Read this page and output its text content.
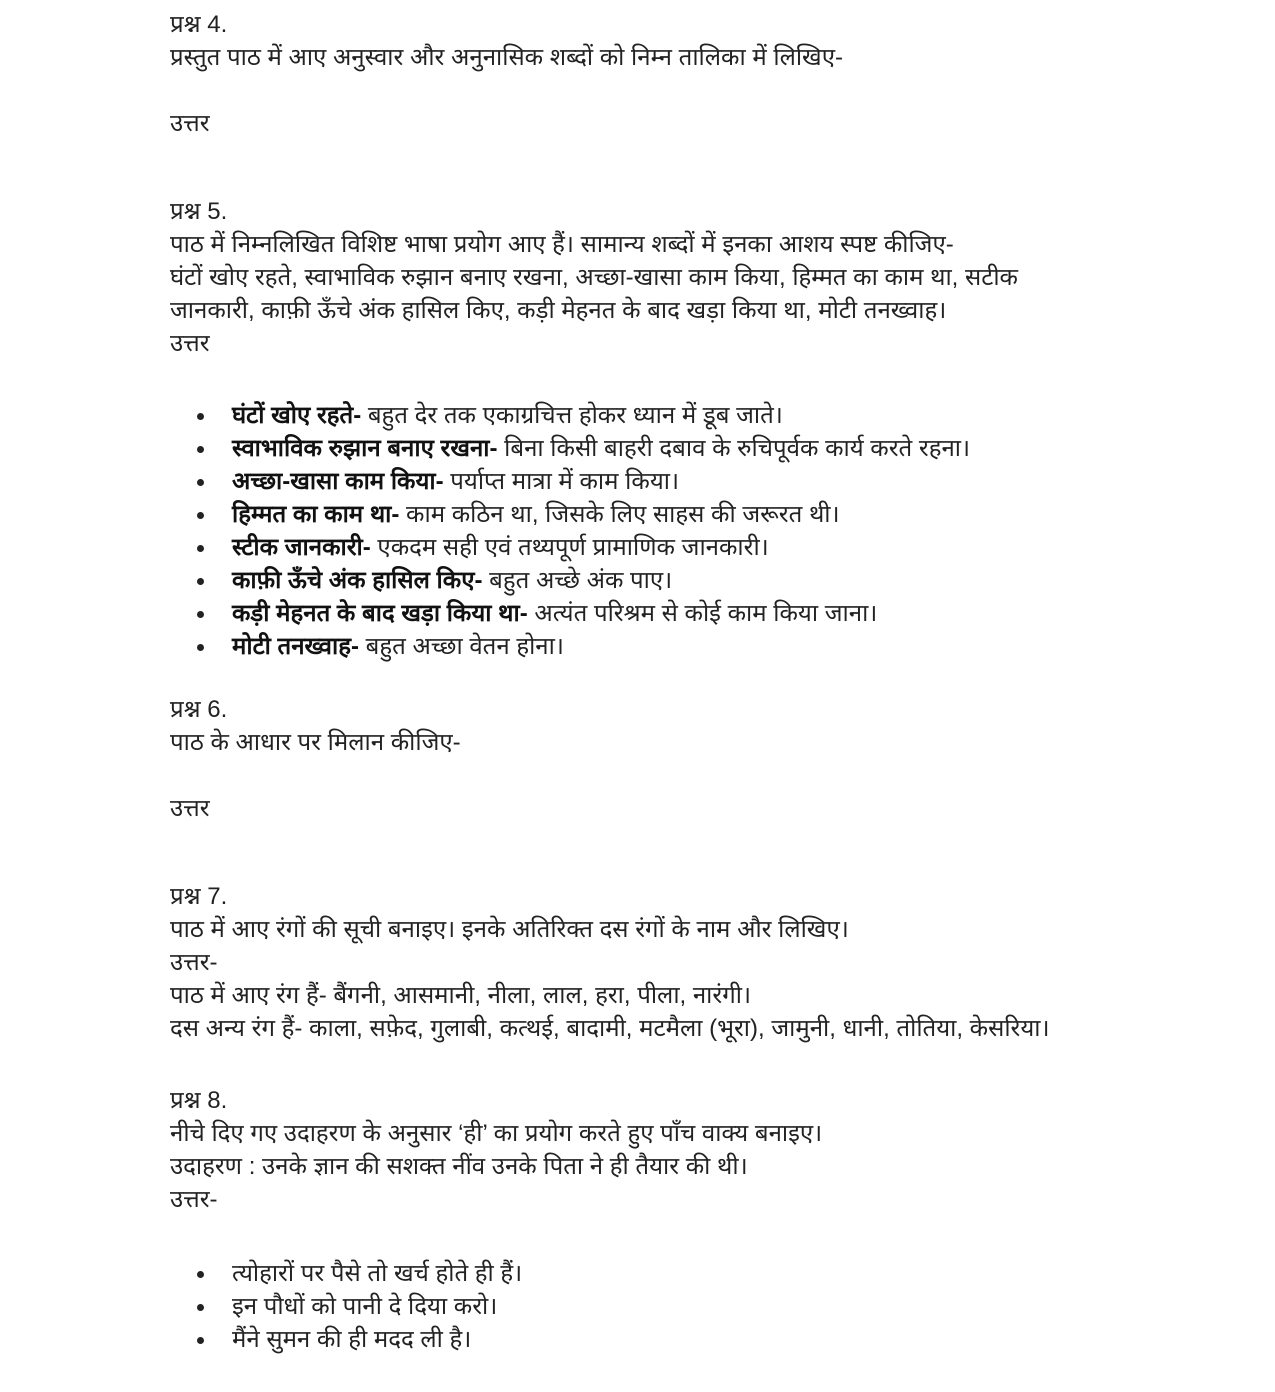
प्रश्न 4.
प्रस्तुत पाठ में आए अनुस्वार और अनुनासिक शब्दों को निम्न तालिका में लिखिए-
उत्तर
प्रश्न 5.
पाठ में निम्नलिखित विशिष्ट भाषा प्रयोग आए हैं। सामान्य शब्दों में इनका आशय स्पष्ट कीजिए-
घंटों खोए रहते, स्वाभाविक रुझान बनाए रखना, अच्छा-खासा काम किया, हिम्मत का काम था, सटीक
जानकारी, काफ़ी ऊँचे अंक हासिल किए, कड़ी मेहनत के बाद खड़ा किया था, मोटी तनख्वाह।
उत्तर
घंटों खोए रहते- बहुत देर तक एकाग्रचित्त होकर ध्यान में डूब जाते।
स्वाभाविक रुझान बनाए रखना- बिना किसी बाहरी दबाव के रुचिपूर्वक कार्य करते रहना।
अच्छा-खासा काम किया- पर्याप्त मात्रा में काम किया।
हिम्मत का काम था- काम कठिन था, जिसके लिए साहस की जरूरत थी।
स्टीक जानकारी- एकदम सही एवं तथ्यपूर्ण प्रामाणिक जानकारी।
काफ़ी ऊँचे अंक हासिल किए- बहुत अच्छे अंक पाए।
कड़ी मेहनत के बाद खड़ा किया था- अत्यंत परिश्रम से कोई काम किया जाना।
मोटी तनख्वाह- बहुत अच्छा वेतन होना।
प्रश्न 6.
पाठ के आधार पर मिलान कीजिए-
उत्तर
प्रश्न 7.
पाठ में आए रंगों की सूची बनाइए। इनके अतिरिक्त दस रंगों के नाम और लिखिए।
उत्तर-
पाठ में आए रंग हैं- बैंगनी, आसमानी, नीला, लाल, हरा, पीला, नारंगी।
दस अन्य रंग हैं- काला, सफ़ेद, गुलाबी, कत्थई, बादामी, मटमैला (भूरा), जामुनी, धानी, तोतिया, केसरिया।
प्रश्न 8.
नीचे दिए गए उदाहरण के अनुसार ‘ही’ का प्रयोग करते हुए पाँच वाक्य बनाइए।
उदाहरण : उनके ज्ञान की सशक्त नींव उनके पिता ने ही तैयार की थी।
उत्तर-
त्योहारों पर पैसे तो खर्च होते ही हैं।
इन पौधों को पानी दे दिया करो।
मैंने सुमन की ही मदद ली है।
